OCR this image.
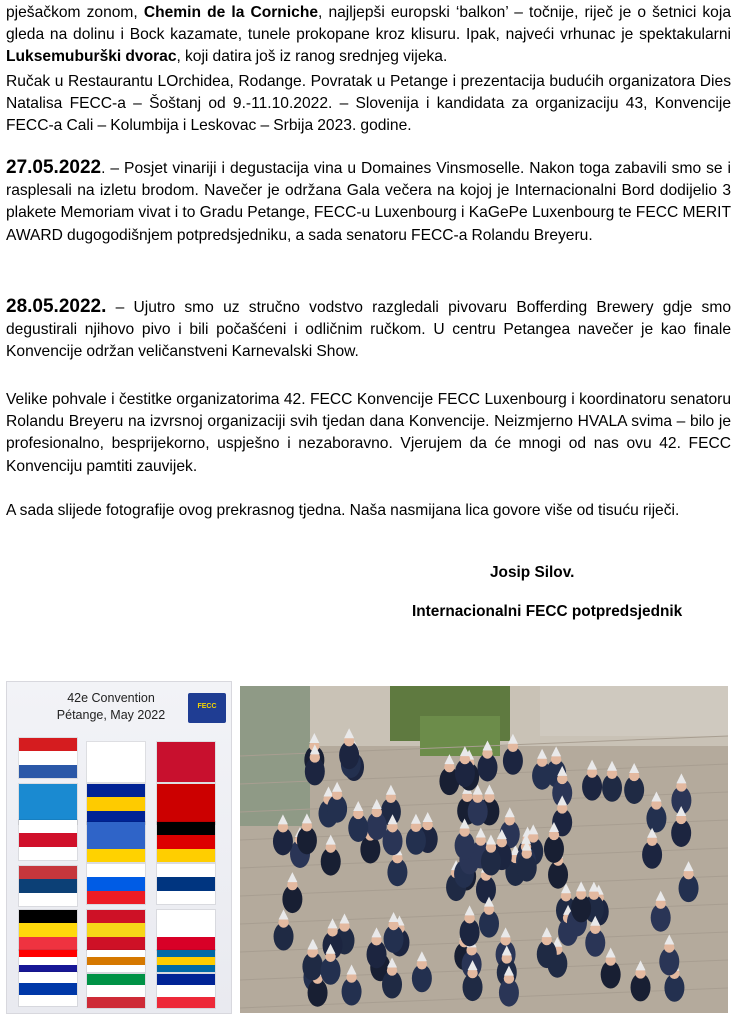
pješačkom zonom, Chemin de la Corniche, najljepši europski ‘balkon’ – točnije, riječ je o šetnici koja gleda na dolinu i Bock kazamate, tunele prokopane kroz klisuru. Ipak, najveći vrhunac je spektakularni Luksemuburški dvorac, koji datira još iz ranog srednjeg vijeka.

Ručak u Restaurantu LOrchidea, Rodange. Povratak u Petange i prezentacija budućih organizatora Dies Natalisa FECC-a – Šoštanj od 9.-11.10.2022. – Slovenija i kandidata za organizaciju 43, Konvencije FECC-a Cali – Kolumbija i Leskovac – Srbija 2023. godine.

27.05.2022. – Posjet vinariji i degustacija vina u Domaines Vinsmoselle. Nakon toga zabavili smo se i rasplesali na izletu brodom. Navečer je održana Gala večera na kojoj je Internacionalni Bord dodijelio 3 plakete Memoriam vivat i to Gradu Petange, FECC-u Luxenbourg i KaGePe Luxenbourg te FECC MERIT AWARD dugogodišnjem potpredsjedniku, a sada senatoru FECC-a Rolandu Breyeru.

28.05.2022. – Ujutro smo uz stručno vodstvo razgledali pivovaru Bofferding Brewery gdje smo degustirali njihovo pivo i bili počašćeni i odličnim ručkom. U centru Petangea navečer je kao finale Konvencije održan veličanstveni Karnevalski Show.

Velike pohvale i čestitke organizatorima 42. FECC Konvencije FECC Luxenbourg i koordinatoru senatoru Rolandu Breyeru na izvrsnoj organizaciji svih tjedan dana Konvencije. Neizmjerno HVALA svima – bilo je profesionalno, besprijekorno, uspješno i nezaboravno. Vjerujem da će mnogi od nas ovu 42. FECC Konvenciju pamtiti zauvijek.

A sada slijede fotografije ovog prekrasnog tjedna. Naša nasmijana lica govore više od tisuću riječi.

Josip Silov.

Internacionalni FECC potpredsjednik

42e Convention
Pétange, May 2022
FECC
